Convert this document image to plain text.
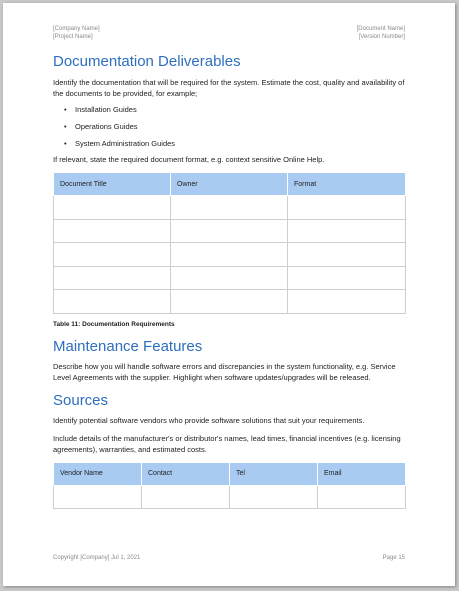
[Company Name]
[Project Name]
[Document Name]
[Version Number]
Documentation Deliverables

Identify the documentation that will be required for the system. Estimate the cost, quality and availability of the documents to be provided, for example;

• Installation Guides
• Operations Guides
• System Administration Guides

If relevant, state the required document format, e.g. context sensitive Online Help.

Document Title	Owner	Format

Table 11: Documentation Requirements
Maintenance Features

Describe how you will handle software errors and discrepancies in the system functionality, e.g. Service Level Agreements with the supplier. Highlight when software updates/upgrades will be released.

Sources

Identify potential software vendors who provide software solutions that suit your requirements.

Include details of the manufacturer's or distributor's names, lead times, financial incentives (e.g. licensing agreements), warranties, and estimated costs.

Vendor Name	Contact	Tel	Email

Copyright [Company] Jul 1, 2021	Page 15
